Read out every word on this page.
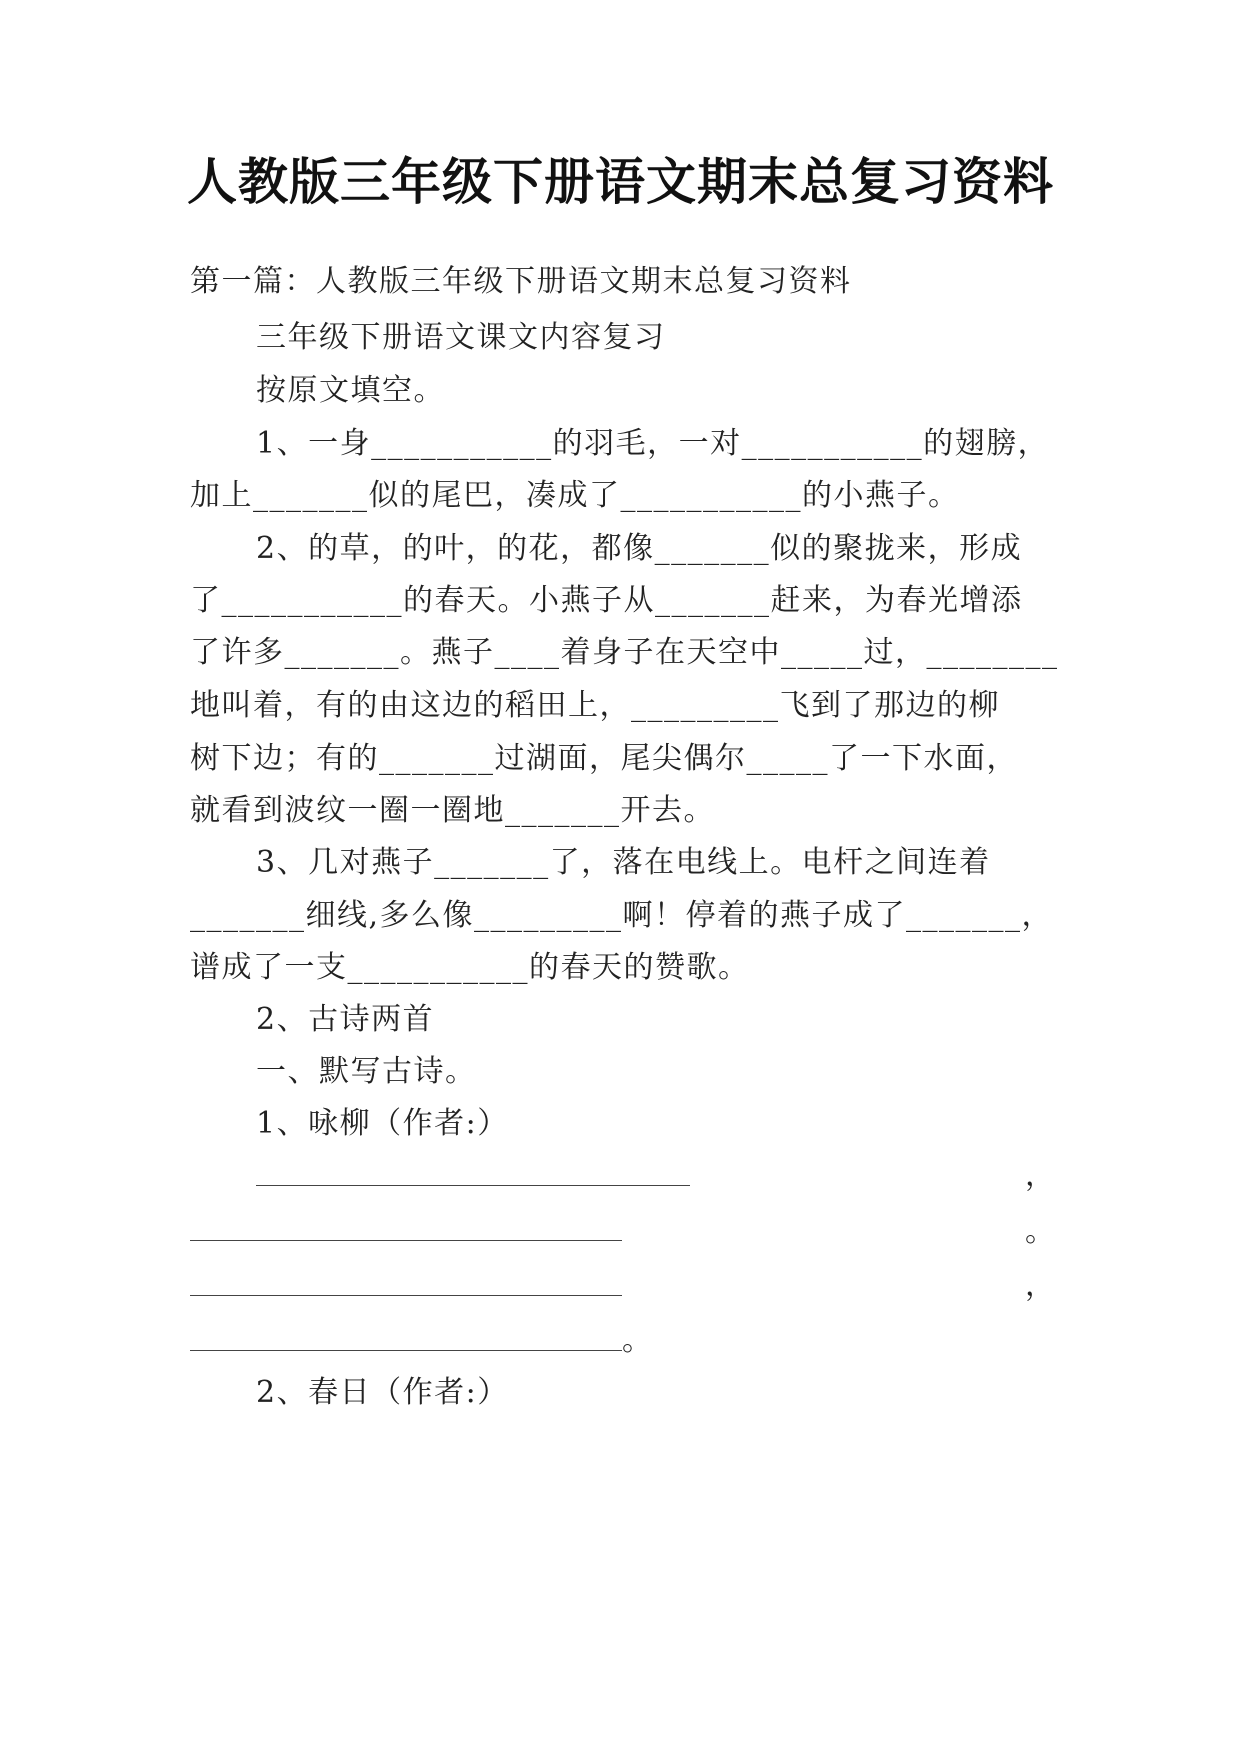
人教版三年级下册语文期末总复习资料
第一篇：人教版三年级下册语文期末总复习资料
三年级下册语文课文内容复习
按原文填空。
1、一身___________的羽毛，一对___________的翅膀，
加上_______似的尾巴，凑成了___________的小燕子。
2、的草，的叶，的花，都像_______似的聚拢来，形成
了___________的春天。小燕子从_______赶来，为春光增添
了许多_______。燕子____着身子在天空中_____过，________
地叫着，有的由这边的稻田上，_________飞到了那边的柳
树下边；有的_______过湖面，尾尖偶尔_____了一下水面，
就看到波纹一圈一圈地_______开去。
3、几对燕子_______了，落在电线上。电杆之间连着
_______细线,多么像_________啊！停着的燕子成了_______，
谱成了一支___________的春天的赞歌。
2、古诗两首
一、默写古诗。
1、咏柳（作者:）
，
。
，
。
2、春日（作者:）
